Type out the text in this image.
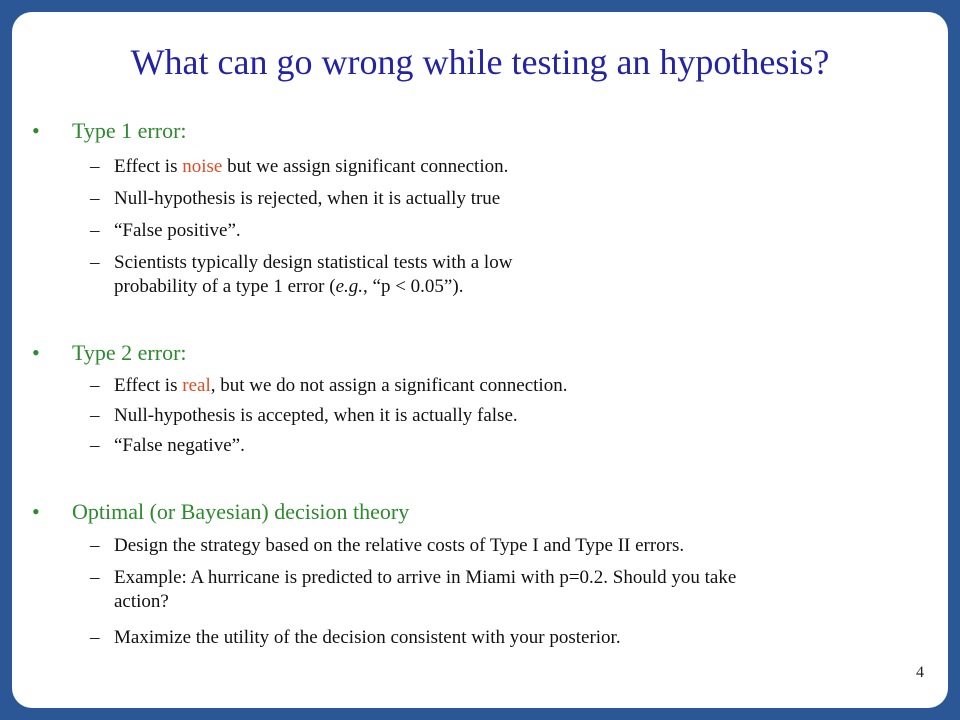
What can go wrong while testing an hypothesis?
• Type 1 error:
– Effect is noise but we assign significant connection.
– Null-hypothesis is rejected, when it is actually true
– “False positive”.
– Scientists typically design statistical tests with a low
probability of a type 1 error (e.g., “p < 0.05”).
• Type 2 error:
– Effect is real, but we do not assign a significant connection.
– Null-hypothesis is accepted, when it is actually false.
– “False negative”.
• Optimal (or Bayesian) decision theory
– Design the strategy based on the relative costs of Type I and Type II errors.
– Example: A hurricane is predicted to arrive in Miami with p=0.2. Should you take
action?
– Maximize the utility of the decision consistent with your posterior.
4
